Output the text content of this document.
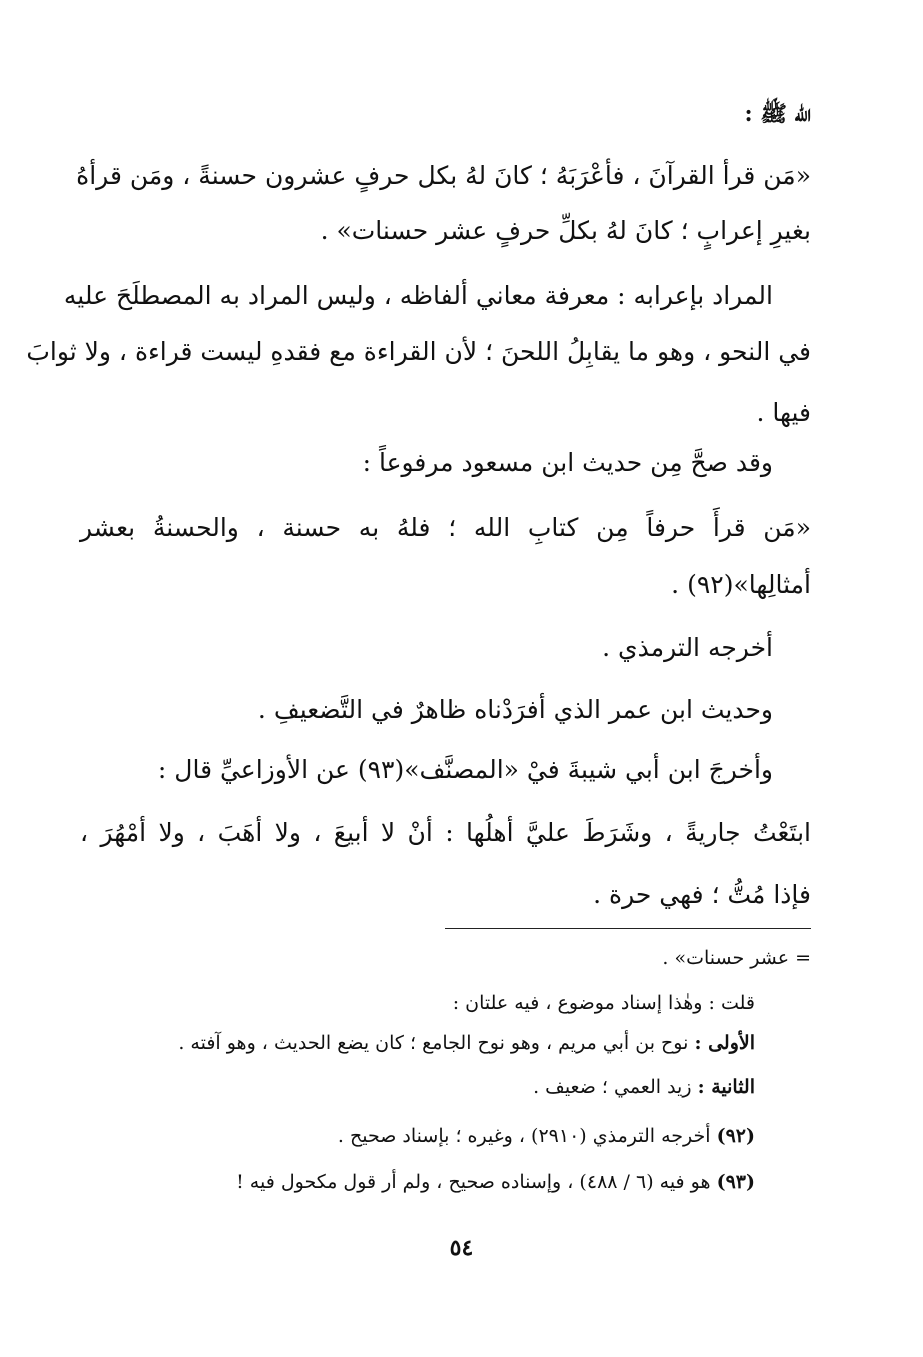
الله ﷺ :
«مَن قرأ القرآنَ ، فأعْرَبَهُ ؛ كانَ لهُ بكل حرفٍ عشرون حسنةً ، ومَن قرأهُ
بغيرِ إعرابٍ ؛ كانَ لهُ بكلِّ حرفٍ عشر حسنات» .
المراد بإعرابه : معرفة معاني ألفاظه ، وليس المراد به المصطلَحَ عليه
في النحو ، وهو ما يقابِلُ اللحنَ ؛ لأن القراءة مع فقدهِ ليست قراءة ، ولا ثوابَ
فيها .
وقد صحَّ مِن حديث ابن مسعود مرفوعاً :
«مَن قرأَ حرفاً مِن كتابِ الله ؛ فلهُ به حسنة ، والحسنةُ بعشر
أمثالِها»(٩٢) .
أخرجه الترمذي .
وحديث ابن عمر الذي أفرَدْناه ظاهرٌ في التَّضعيفِ .
وأخرجَ ابن أبي شيبةَ فيْ «المصنَّف»(٩٣) عن الأوزاعيِّ قال :
ابتَعْتُ جاريةً ، وشَرَطَ عليَّ أهلُها : أنْ لا أبيعَ ، ولا أهَبَ ، ولا أمْهُرَ ،
فإذا مُتُّ ؛ فهي حرة .
= عشر حسنات» .
قلت : وهٰذا إسناد موضوع ، فيه علتان :
الأولى : نوح بن أبي مريم ، وهو نوح الجامع ؛ كان يضع الحديث ، وهو آفته .
الثانية : زيد العمي ؛ ضعيف .
(٩٢) أخرجه الترمذي (٢٩١٠) ، وغيره ؛ بإسناد صحيح .
(٩٣) هو فيه (٦ / ٤٨٨) ، وإسناده صحيح ، ولم أر قول مكحول فيه !
٥٤
